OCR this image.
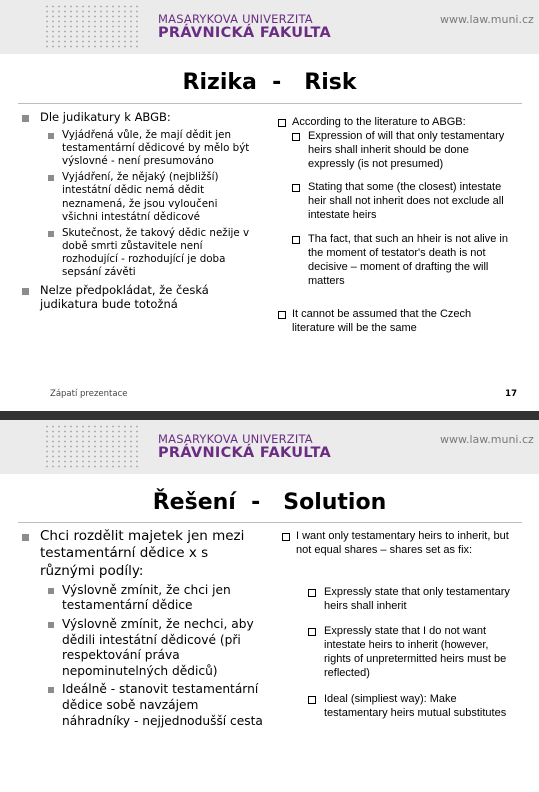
MASARYKOVA UNIVERZITA
PRÁVNICKÁ FAKULTA
www.law.muni.cz
Rizika  -   Risk
Dle judikatury k ABGB:
Vyjádřená vůle, že mají dědit jen testamentární dědicové by mělo být výslovné - není presumováno
Vyjádření, že nějaký (nejbližší) intestátní dědic nemá dědit neznamená, že jsou vyloučeni všichni intestátní dědicové
Skutečnost, že takový dědic nežije v době smrti zůstavitele není rozhodující - rozhodující je doba sepsání závěti
Nelze předpokládat, že česká judikatura bude totožná
According to the literature to ABGB:
Expression of will that only testamentary heirs shall inherit should be done expressly (is not presumed)
Stating that some (the closest) intestate heir shall not inherit does not exclude all intestate heirs
Tha fact, that such an hheir is not alive in the moment of testator's death is not decisive – moment of drafting the will matters
It cannot be assumed that the Czech literature will be the same
Zápatí prezentace	17
MASARYKOVA UNIVERZITA
PRÁVNICKÁ FAKULTA
www.law.muni.cz
Řešení  -   Solution
Chci rozdělit majetek jen mezi testamentární dědice x s různými podíly:
Výslovně zmínit, že chci jen testamentární dědice
Výslovně zmínit, že nechci, aby dědili intestátní dědicové (při respektování práva nepominutelných dědiců)
Ideálně - stanovit testamentární dědice sobě navzájem náhradníky - nejjednodušší cesta
I want only testamentary heirs to inherit, but not equal shares – shares set as fix:
Expressly state that only testamentary heirs shall inherit
Expressly state that I do not want intestate heirs to inherit (however, rights of unpretermitted heirs must be reflected)
Ideal (simpliest way): Make testamentary heirs mutual substitutes
